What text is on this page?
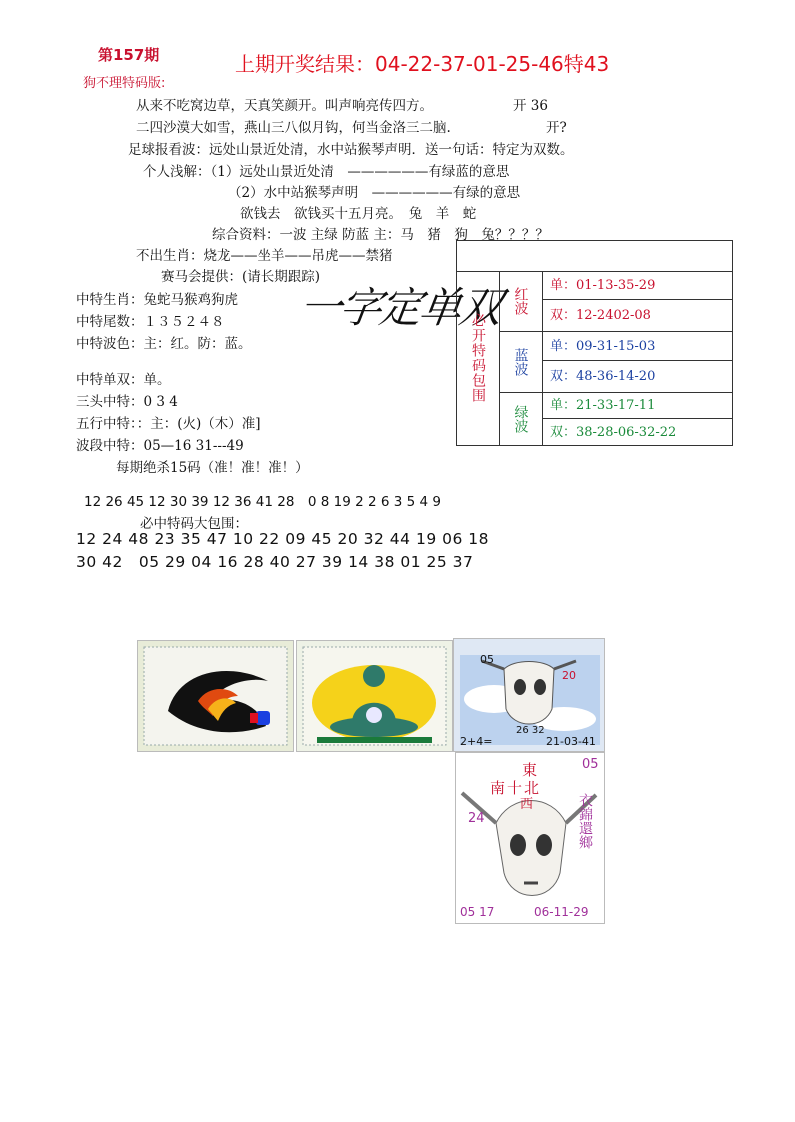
第157期	上期开奖结果：04-22-37-01-25-46特43
狗不理特码版:
从来不吃窝边草，天真笑颜开。叫声响亮传四方。	开 36
二四沙漠大如雪，燕山三八似月钩，何当金洛三二脑.	开?
足球报看波：远处山景近处清，水中站猴琴声明．送一句话：特定为双数。
个人浅解：（1）远处山景近处清　——————有绿蓝的意思
（2）水中站猴琴声明　——————有绿的意思
欲钱去　欲钱买十五月亮。　兔　羊　蛇
综合资料：一波 主绿 防蓝 主：马　猪　狗　兔？？？？
不出生肖：烧龙——坐羊——吊虎——禁猪
赛马会提供：(请长期跟踪)
中特生肖：兔蛇马猴鸡狗虎
中特尾数：１３５２４８
中特波色：主：红。防：蓝。
中特单双：单。
三头中特：0 3 4
五行中特：：主：(火)（木）准]
波段中特：05—16 31---49
每期绝杀15码（准！准！准！）
12 26 45 12 30 39 12 36 41 28　0 8 19 2 2 6 3 5 4 9
必中特码大包围：
12 24 48 23 35 47 10 22 09 45 20 32 44 19 06 18
30 42　05 29 04 16 28 40 27 39 14 38 01 25 37
一字定单双
必开特码包围
红波
单：01-13-35-29
双：12-2402-08
蓝波
单：09-31-15-03
双：48-36-14-20
绿波	单：21-33-17-11
双：38-28-06-32-22
05
20
26 32
2+4=	21-03-41
東
南十北
西
05
24	衣錦還鄉
05 17	06-11-29
